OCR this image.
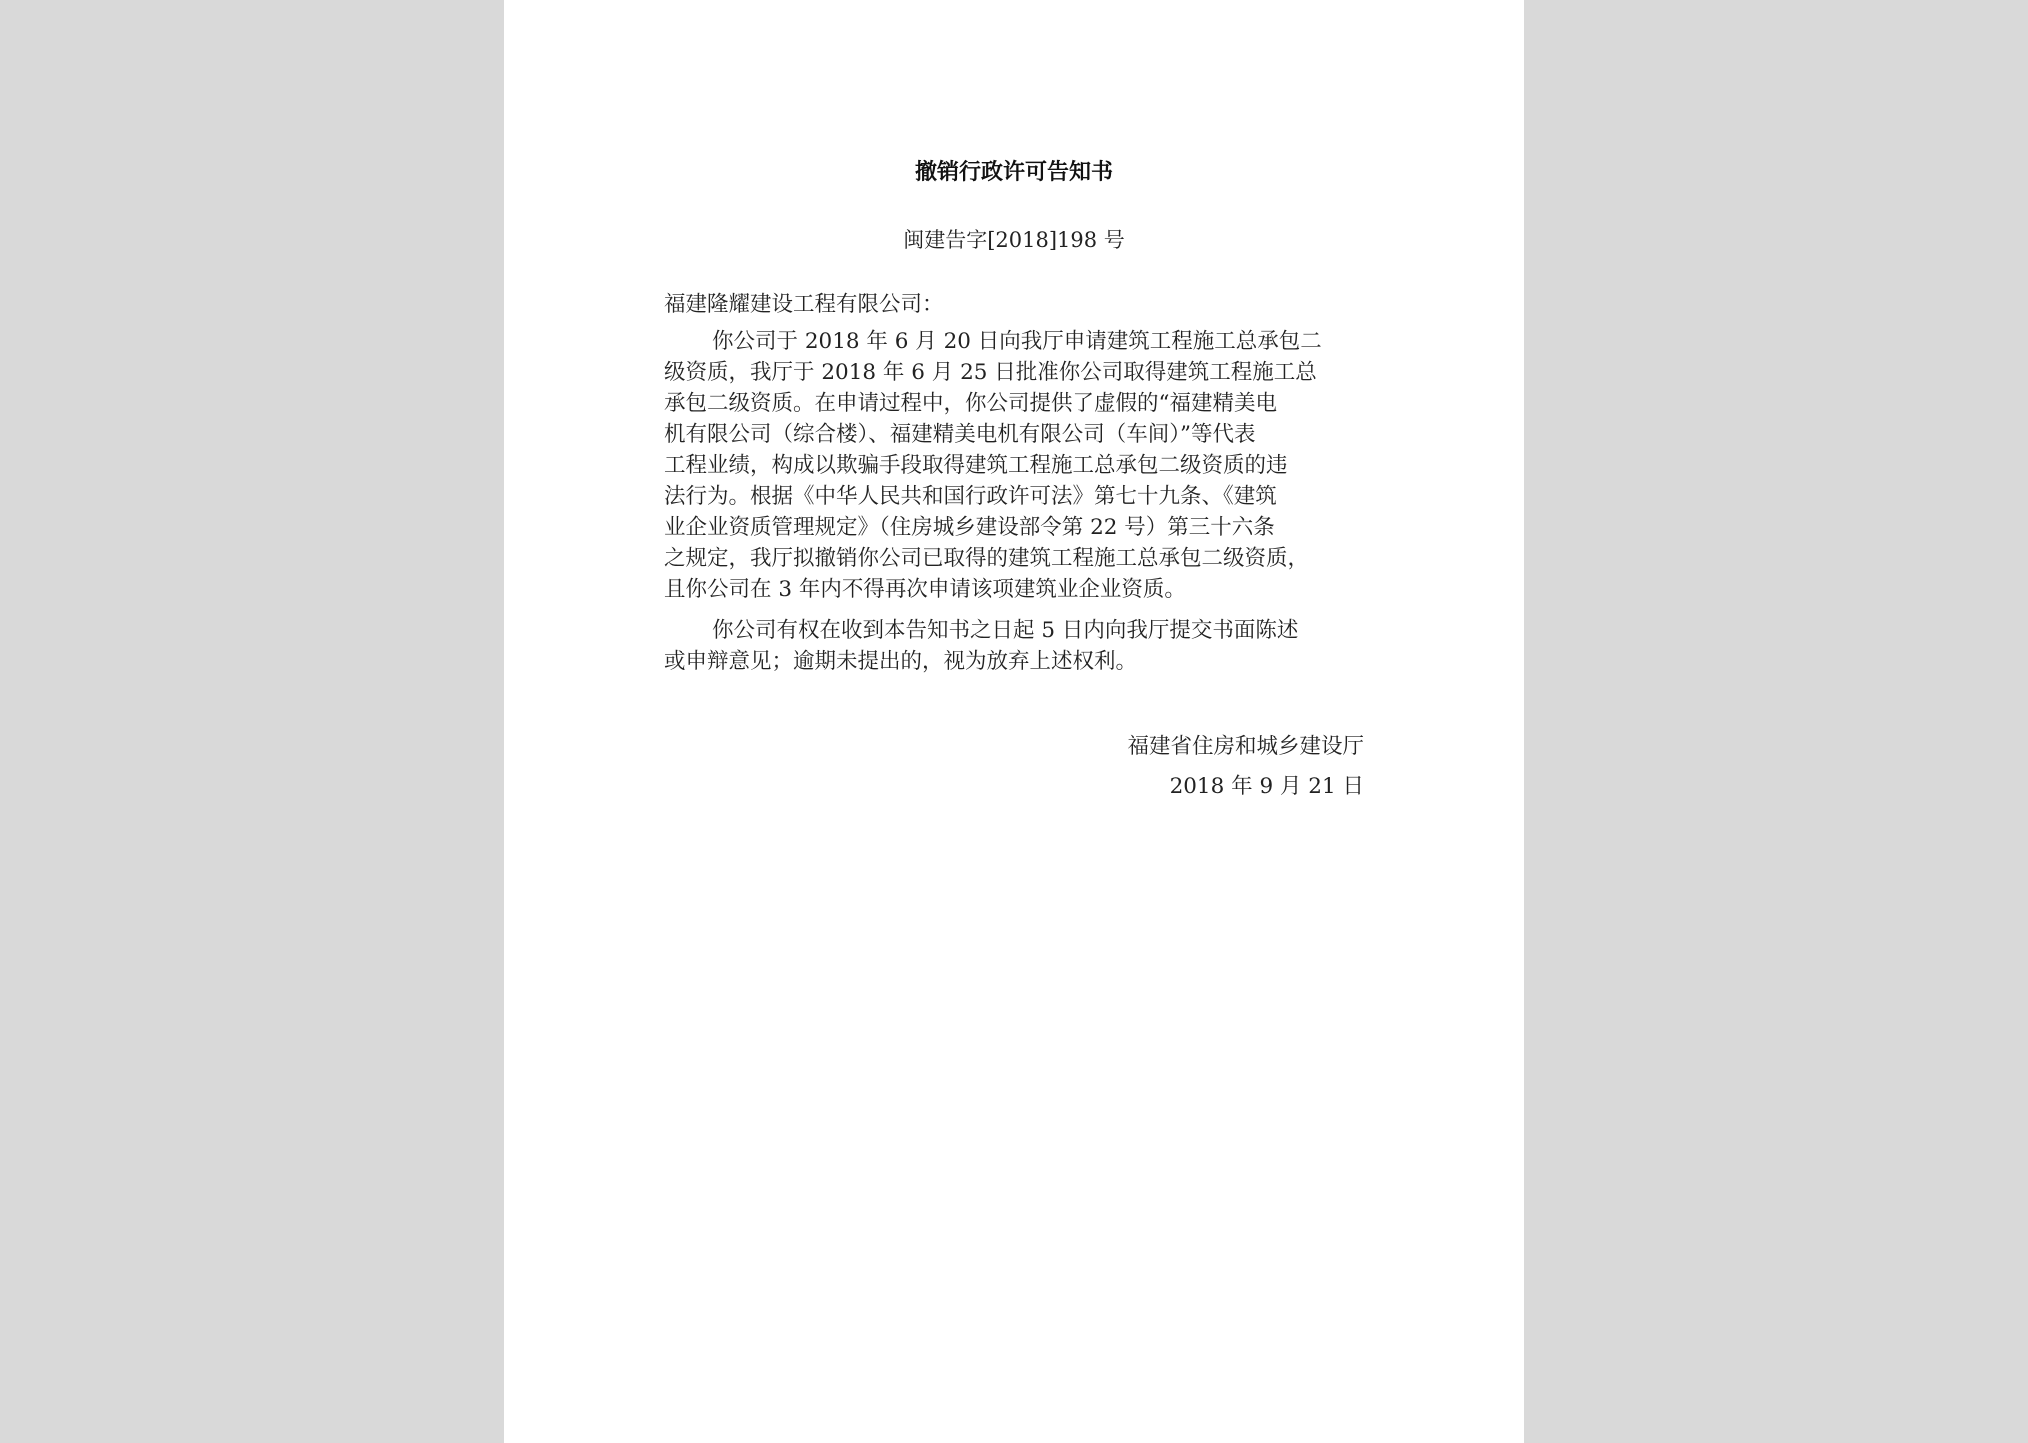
撤销行政许可告知书
闽建告字[2018]198 号

福建隆耀建设工程有限公司：

你公司于 2018 年 6 月 20 日向我厅申请建筑工程施工总承包二
级资质，我厅于 2018 年 6 月 25 日批准你公司取得建筑工程施工总
承包二级资质。在申请过程中，你公司提供了虚假的“福建精美电
机有限公司（综合楼）、福建精美电机有限公司（车间）”等代表
工程业绩，构成以欺骗手段取得建筑工程施工总承包二级资质的违
法行为。根据《中华人民共和国行政许可法》第七十九条、《建筑
业企业资质管理规定》（住房城乡建设部令第 22 号）第三十六条
之规定，我厅拟撤销你公司已取得的建筑工程施工总承包二级资质，
且你公司在 3 年内不得再次申请该项建筑业企业资质。

你公司有权在收到本告知书之日起 5 日内向我厅提交书面陈述
或申辩意见；逾期未提出的，视为放弃上述权利。

福建省住房和城乡建设厅
2018 年 9 月 21 日
